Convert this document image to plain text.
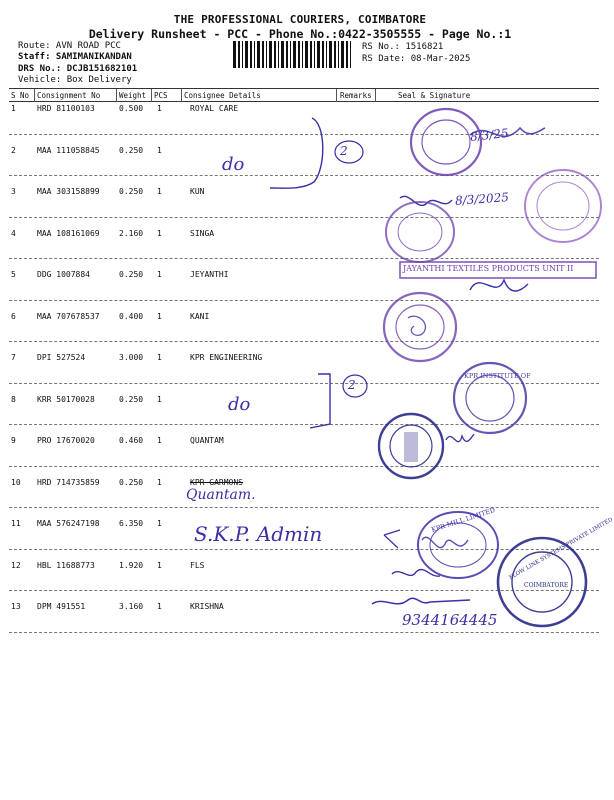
THE PROFESSIONAL COURIERS, COIMBATORE
Delivery Runsheet - PCC - Phone No.:0422-3505555 - Page No.:1
Route: AVN ROAD PCC
Staff: SAMIMANIKANDAN
DRS No.: DCJB151682101
Vehicle: Box Delivery
RS No.: 1516821
RS Date: 08-Mar-2025
S No Consignment No	Weight PCS Consignee Details	Remarks	Seal & Signature
1	HRD 81100103	0.500 1	ROYAL CARE
2	MAA 111058845 0.250 1
3	MAA 303158899 0.250 1	KUN
4	MAA 108161069 2.160 1	SINGA
5	DDG 1007884	0.250 1	JEYANTHI
6	MAA 707678537 0.400 1	KANI
7	DPI 527524	3.000 1	KPR ENGINEERING
8	KRR 50170028	0.250 1
9	PRO 17670020	0.460 1	QUANTAM
10 HRD 714735859 0.250 1	KPR GARMONS
11 MAA 576247198 6.350 1
12 HBL 11688773	1.920 1	FLS
13 DPM 491551	3.160 1	KRISHNA
do
2
do
2
Quantam.
S.K.P. Admin
8/3/2025
8/3/25
9344164445
JAYANTHI TEXTILES PRODUCTS UNIT II
KPR INSTITUTE OF
KPR MILL LIMITED FLOW LINK SYSTEMS PRIVATE LIMITED
COIMBATORE
